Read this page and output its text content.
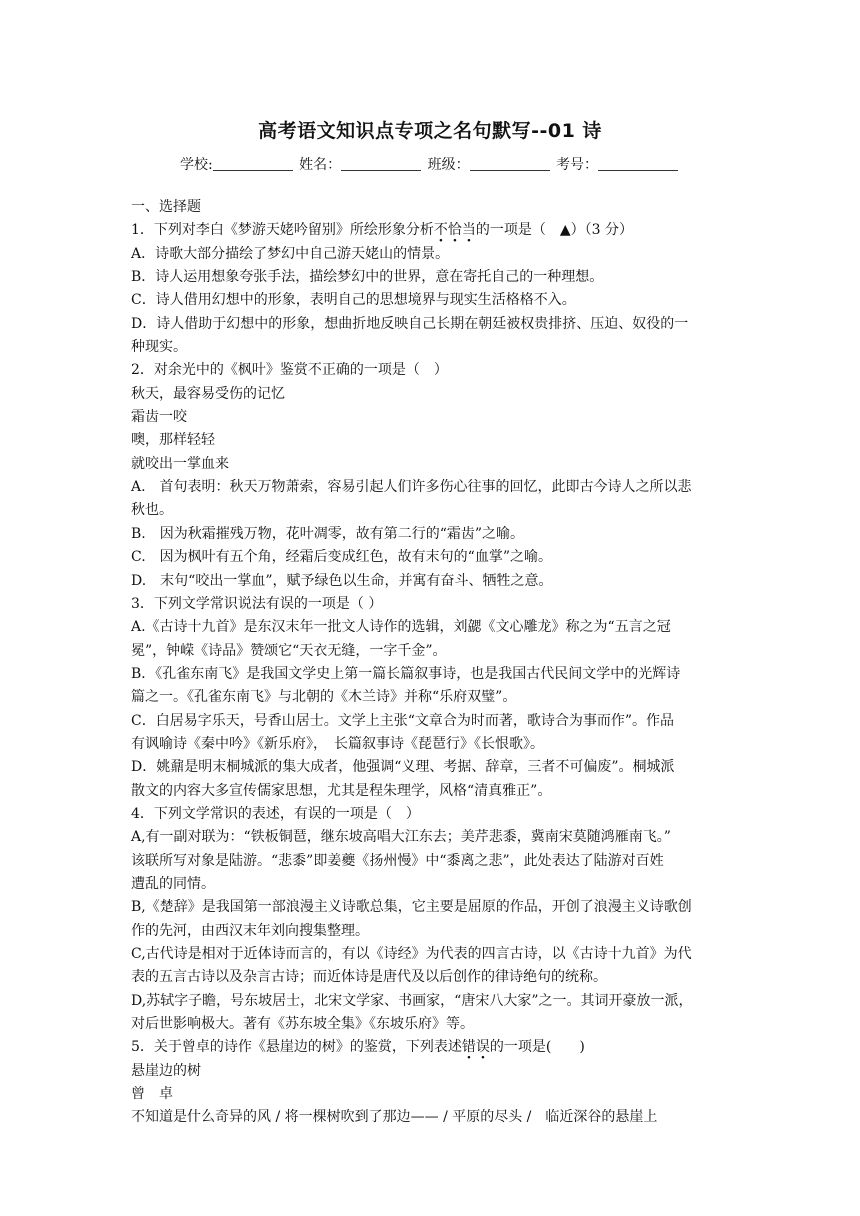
高考语文知识点专项之名句默写--01 诗
学校:	姓名：	班级：	考号：
一、选择题
1．下列对李白《梦游天姥吟留别》所绘形象分析不恰当的一项是（　▲）（3 分）
A．诗歌大部分描绘了梦幻中自己游天姥山的情景。
B．诗人运用想象夸张手法，描绘梦幻中的世界，意在寄托自己的一种理想。
C．诗人借用幻想中的形象，表明自己的思想境界与现实生活格格不入。
D．诗人借助于幻想中的形象，想曲折地反映自己长期在朝廷被权贵排挤、压迫、奴役的一
种现实。
2．对余光中的《枫叶》鉴赏不正确的一项是（　）
秋天，最容易受伤的记忆
霜齿一咬
噢，那样轻轻
就咬出一掌血来
A.　首句表明：秋天万物萧索，容易引起人们许多伤心往事的回忆，此即古今诗人之所以悲
秋也。
B.　因为秋霜摧残万物，花叶凋零，故有第二行的“霜齿”之喻。
C.　因为枫叶有五个角，经霜后变成红色，故有末句的“血掌”之喻。
D.　末句“咬出一掌血”，赋予绿色以生命，并寓有奋斗、牺牲之意。
3．下列文学常识说法有误的一项是（ ）
A.《古诗十九首》是东汉末年一批文人诗作的选辑，刘勰《文心雕龙》称之为“五言之冠
冕”，钟嵘《诗品》赞颂它“天衣无缝，一字千金”。
B．《孔雀东南飞》是我国文学史上第一篇长篇叙事诗，也是我国古代民间文学中的光辉诗
篇之一。《孔雀东南飞》与北朝的《木兰诗》并称“乐府双璧”。
C．白居易字乐天，号香山居士。文学上主张“文章合为时而著，歌诗合为事而作”。作品
有讽喻诗《秦中吟》《新乐府》，　长篇叙事诗《琵琶行》《长恨歌》。
D．姚鼐是明末桐城派的集大成者，他强调“义理、考据、辞章，三者不可偏废”。桐城派
散文的内容大多宣传儒家思想，尤其是程朱理学，风格“清真雅正”。
4．下列文学常识的表述，有误的一项是（　）
A,有一副对联为：“铁板铜琶，继东坡高唱大江东去；美芹悲黍，冀南宋莫随鸿雁南飞。”
该联所写对象是陆游。“悲黍”即姜夔《扬州慢》中“黍离之悲”，此处表达了陆游对百姓
遭乱的同情。
B,《楚辞》是我国第一部浪漫主义诗歌总集，它主要是屈原的作品，开创了浪漫主义诗歌创
作的先河，由西汉末年刘向搜集整理。
C,古代诗是相对于近体诗而言的，有以《诗经》为代表的四言古诗，以《古诗十九首》为代
表的五言古诗以及杂言古诗；而近体诗是唐代及以后创作的律诗绝句的统称。
D,苏轼字子瞻，号东坡居士，北宋文学家、书画家，“唐宋八大家”之一。其词开豪放一派，
对后世影响极大。著有《苏东坡全集》《东坡乐府》等。
5．关于曾卓的诗作《悬崖边的树》的鉴赏，下列表述错误的一项是(　　)
悬崖边的树
曾　卓
不知道是什么奇异的风 / 将一棵树吹到了那边—— / 平原的尽头 /　临近深谷的悬崖上
